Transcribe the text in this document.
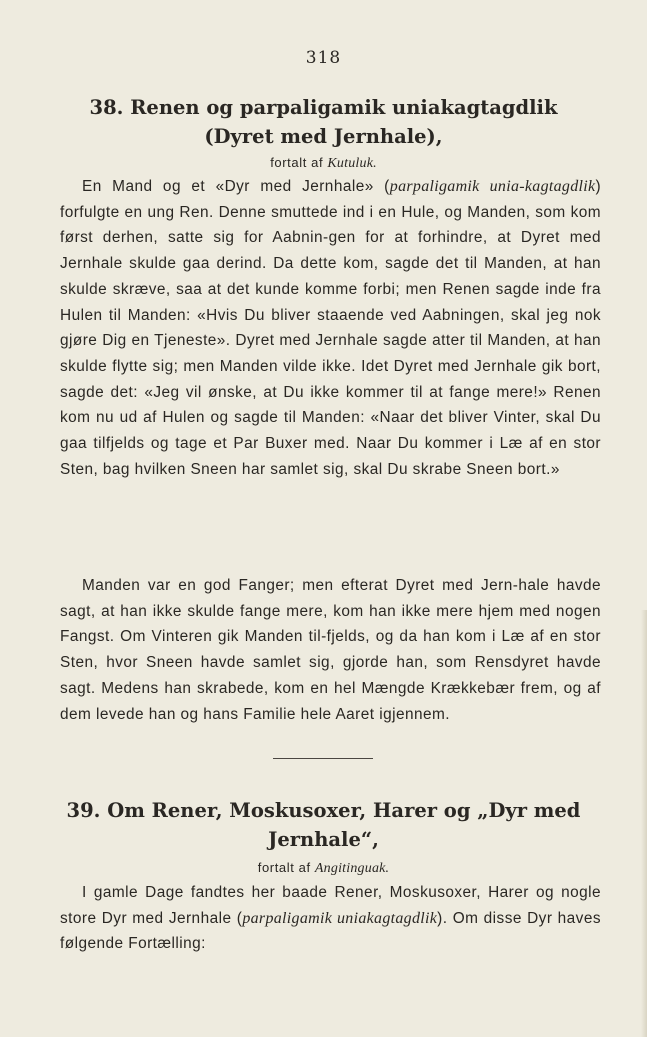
318
38. Renen og parpaligamik uniakagtagdlik
(Dyret med Jernhale),
fortalt af Kutuluk.
En Mand og et «Dyr med Jernhale» (parpaligamik unia-kagtagdlik) forfulgte en ung Ren. Denne smuttede ind i en Hule, og Manden, som kom først derhen, satte sig for Aabnin-gen for at forhindre, at Dyret med Jernhale skulde gaa derind. Da dette kom, sagde det til Manden, at han skulde skræve, saa at det kunde komme forbi; men Renen sagde inde fra Hulen til Manden: «Hvis Du bliver staaende ved Aabningen, skal jeg nok gjøre Dig en Tjeneste». Dyret med Jernhale sagde atter til Manden, at han skulde flytte sig; men Manden vilde ikke. Idet Dyret med Jernhale gik bort, sagde det: «Jeg vil ønske, at Du ikke kommer til at fange mere!» Renen kom nu ud af Hulen og sagde til Manden: «Naar det bliver Vinter, skal Du gaa tilfjelds og tage et Par Buxer med. Naar Du kommer i Læ af en stor Sten, bag hvilken Sneen har samlet sig, skal Du skrabe Sneen bort.»
Manden var en god Fanger; men efterat Dyret med Jern-hale havde sagt, at han ikke skulde fange mere, kom han ikke mere hjem med nogen Fangst. Om Vinteren gik Manden til-fjelds, og da han kom i Læ af en stor Sten, hvor Sneen havde samlet sig, gjorde han, som Rensdyret havde sagt. Medens han skrabede, kom en hel Mængde Krækkebær frem, og af dem levede han og hans Familie hele Aaret igjennem.
39. Om Rener, Moskusoxer, Harer og „Dyr med
Jernhale“,
fortalt af Angitinguak.
I gamle Dage fandtes her baade Rener, Moskusoxer, Harer og nogle store Dyr med Jernhale (parpaligamik uniakagtagdlik). Om disse Dyr haves følgende Fortælling:
